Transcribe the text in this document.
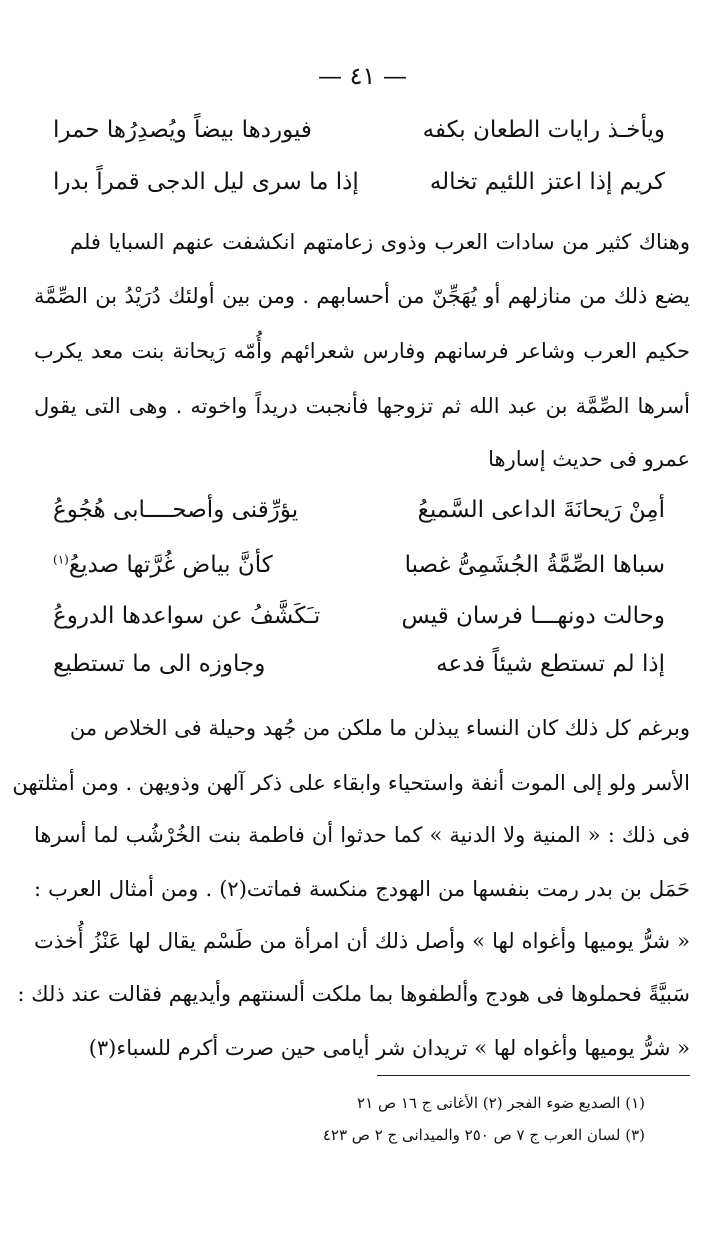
— ٤١ —
ويأخـذ رايات الطعان بكفه
فيوردها بيضاً ويُصدِرُها حمرا
كريم إذا اعتز اللئيم تخاله
إذا ما سرى ليل الدجى قمراً بدرا
وهناك كثير من سادات العرب وذوى زعامتهم انكشفت عنهم السبايا فلم
يضع ذلك من منازلهم أو يُهَجِّنّ من أحسابهم . ومن بين أولئك دُرَيْدُ بن الصِّمَّة
حكيم العرب وشاعر فرسانهم وفارس شعرائهم وأُمّه رَيحانة بنت معد يكرب
أسرها الصِّمَّة بن عبد الله ثم تزوجها فأنجبت دريداً واخوته . وهى التى يقول
عمرو فى حديث إسارها
أمِنْ رَيحانَةَ الداعى السَّميعُ
يؤرِّقنى وأصحــــابى هُجُوعُ
سباها الصِّمَّةُ الجُشَمِىُّ غصبا
كأنَّ بياض غُرَّتها صديعُ$^{(١)}$
وحالت دونهـــا فرسان قيس
تـَكَشَّفُ عن سواعدها الدروعُ
إذا لم تستطع شيئاً فدعه
وجاوزه الى ما تستطيع
وبرغم كل ذلك كان النساء يبذلن ما ملكن من جُهد وحيلة فى الخلاص من
الأسر ولو إلى الموت أنفة واستحياء وابقاء على ذكر آلهن وذويهن . ومن أمثلتهن
فى ذلك : « المنية ولا الدنية » كما حدثوا أن فاطمة بنت الخُرْشُب لما أسرها
حَمَل بن بدر رمت بنفسها من الهودج منكسة فماتت(٢) . ومن أمثال العرب :
« شرُّ يوميها وأغواه لها » وأصل ذلك أن امرأة من طَسْم يقال لها عَنْزُ أُخذت
سَبيَّةً فحملوها فى هودج وألطفوها بما ملكت ألسنتهم وأيديهم فقالت عند ذلك :
« شرُّ يوميها وأغواه لها » تريدان شر أيامى حين صرت أكرم للسباء(٣)
(١) الصديع ضوء الفجر (٢) الأغانى ج ١٦ ص ٢١
(٣) لسان العرب ج ٧ ص ٢٥٠ والميدانى ج ٢ ص ٤٢٣
